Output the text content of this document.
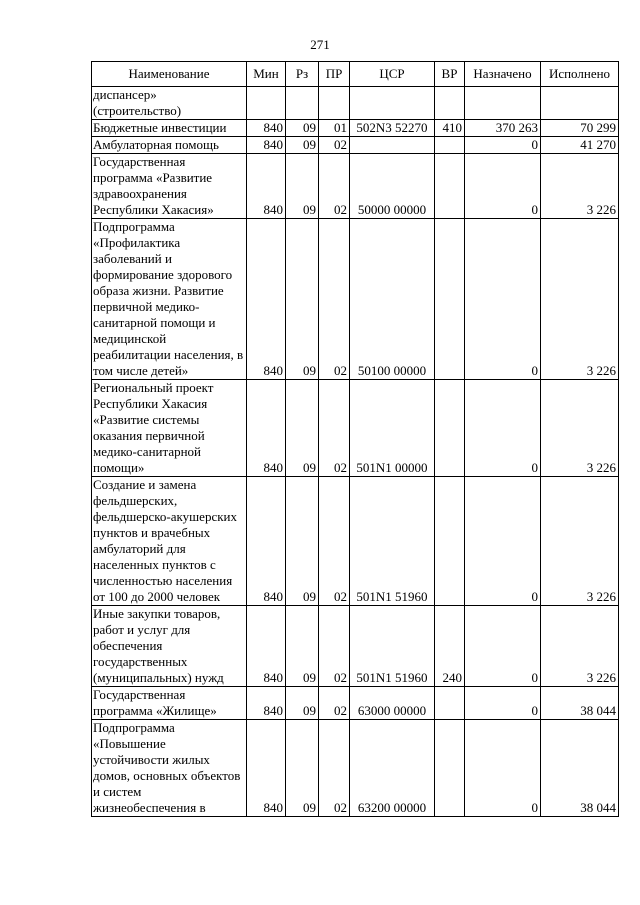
271
Наименование	Мин	Рз	ПР	ЦСР	ВР	Назначено	Исполнено
диспансер» (строительство)							
Бюджетные инвестиции	840	09	01	502N3 52270	410	370 263	70 299
Амбулаторная помощь	840	09	02			0	41 270
Государственная программа «Развитие здравоохранения Республики Хакасия»	840	09	02	50000 00000		0	3 226
Подпрограмма «Профилактика заболеваний и формирование здорового образа жизни. Развитие первичной медико-санитарной помощи и медицинской реабилитации населения, в том числе детей»	840	09	02	50100 00000		0	3 226
Региональный проект Республики Хакасия «Развитие системы оказания первичной медико-санитарной помощи»	840	09	02	501N1 00000		0	3 226
Создание и замена фельдшерских, фельдшерско-акушерских пунктов и врачебных амбулаторий для населенных пунктов с численностью населения от 100 до 2000 человек	840	09	02	501N1 51960		0	3 226
Иные закупки товаров, работ и услуг для обеспечения государственных (муниципальных) нужд	840	09	02	501N1 51960	240	0	3 226
Государственная программа «Жилище»	840	09	02	63000 00000		0	38 044
Подпрограмма «Повышение устойчивости жилых домов, основных объектов и систем жизнеобеспечения в	840	09	02	63200 00000		0	38 044
